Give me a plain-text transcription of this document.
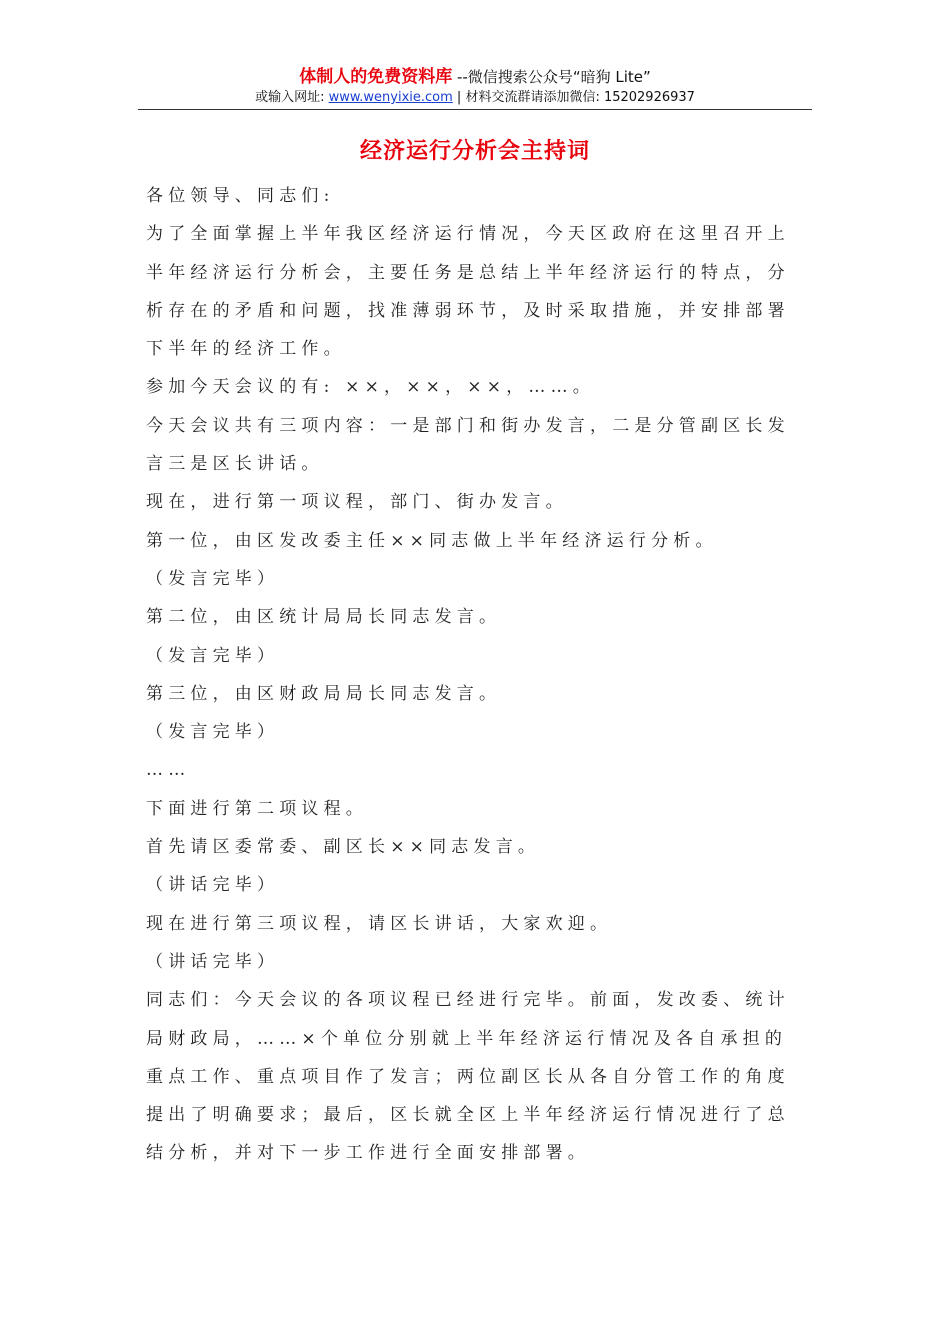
体制人的免费资料库 --微信搜索公众号“暗狗 Lite”
或输入网址: www.wenyixie.com | 材料交流群请添加微信: 15202926937
经济运行分析会主持词

各位领导、同志们:

为了全面掌握上半年我区经济运行情况，今天区政府在这里召开上半年经济运行分析会，主要任务是总结上半年经济运行的特点，分析存在的矛盾和问题，找准薄弱环节，及时采取措施，并安排部署下半年的经济工作。

参加今天会议的有: ××，××，××，……。

今天会议共有三项内容：一是部门和街办发言，二是分管副区长发言三是区长讲话。

现在，进行第一项议程，部门、街办发言。

第一位，由区发改委主任××同志做上半年经济运行分析。

（发言完毕）

第二位，由区统计局局长同志发言。

（发言完毕）

第三位，由区财政局局长同志发言。

（发言完毕）

……

下面进行第二项议程。

首先请区委常委、副区长××同志发言。

（讲话完毕）

现在进行第三项议程，请区长讲话，大家欢迎。

（讲话完毕）

同志们：今天会议的各项议程已经进行完毕。前面，发改委、统计局财政局，……×个单位分别就上半年经济运行情况及各自承担的重点工作、重点项目作了发言；两位副区长从各自分管工作的角度提出了明确要求；最后，区长就全区上半年经济运行情况进行了总结分析，并对下一步工作进行全面安排部署。
